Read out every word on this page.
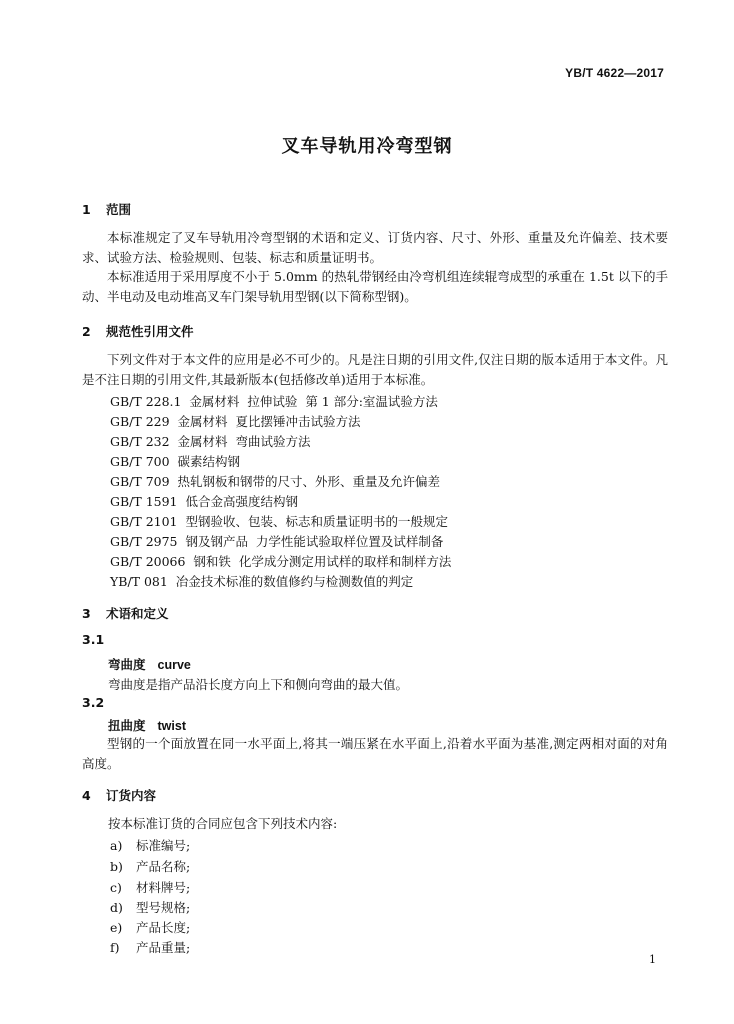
YB/T 4622—2017
叉车导轨用冷弯型钢
1 范围
本标准规定了叉车导轨用冷弯型钢的术语和定义、订货内容、尺寸、外形、重量及允许偏差、技术要求、试验方法、检验规则、包装、标志和质量证明书。
本标准适用于采用厚度不小于 5.0mm 的热轧带钢经由冷弯机组连续辊弯成型的承重在 1.5t 以下的手动、半电动及电动堆高叉车门架导轨用型钢(以下简称型钢)。
2 规范性引用文件
下列文件对于本文件的应用是必不可少的。凡是注日期的引用文件,仅注日期的版本适用于本文件。凡是不注日期的引用文件,其最新版本(包括修改单)适用于本标准。
GB/T 228.1  金属材料  拉伸试验  第 1 部分:室温试验方法
GB/T 229  金属材料  夏比摆锤冲击试验方法
GB/T 232  金属材料  弯曲试验方法
GB/T 700  碳素结构钢
GB/T 709  热轧钢板和钢带的尺寸、外形、重量及允许偏差
GB/T 1591  低合金高强度结构钢
GB/T 2101  型钢验收、包装、标志和质量证明书的一般规定
GB/T 2975  钢及钢产品  力学性能试验取样位置及试样制备
GB/T 20066  钢和铁  化学成分测定用试样的取样和制样方法
YB/T 081  冶金技术标准的数值修约与检测数值的判定
3 术语和定义
3.1
弯曲度 curve
弯曲度是指产品沿长度方向上下和侧向弯曲的最大值。
3.2
扭曲度 twist
型钢的一个面放置在同一水平面上,将其一端压紧在水平面上,沿着水平面为基准,测定两相对面的对角高度。
4 订货内容
按本标准订货的合同应包含下列技术内容:
a) 标准编号;
b) 产品名称;
c) 材料牌号;
d) 型号规格;
e) 产品长度;
f) 产品重量;
1
